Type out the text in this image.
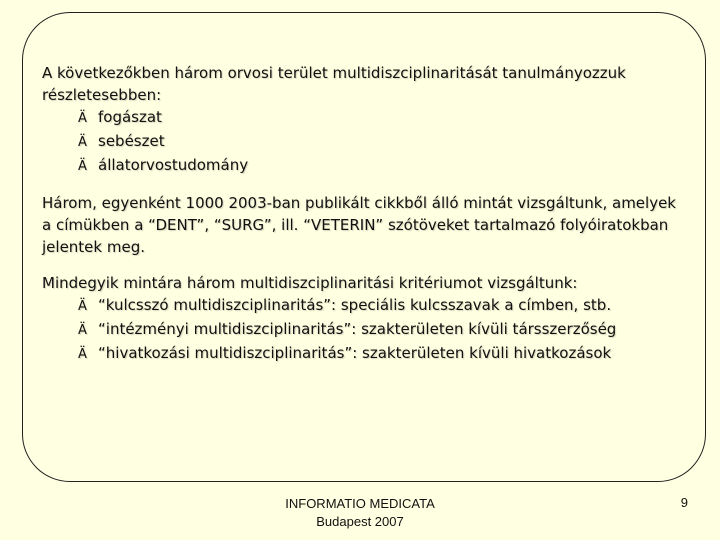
A következőkben három orvosi terület multidiszciplinaritását tanulmányozzuk részletesebben:

Ä fogászat
Ä sebészet
Ä állatorvostudomány

Három, egyenként 1000 2003-ban publikált cikkből álló mintát vizsgáltunk, amelyek a címükben a “DENT”, “SURG”, ill. “VETERIN” szótöveket tartalmazó folyóiratokban jelentek meg.

Mindegyik mintára három multidiszciplinaritási kritériumot vizsgáltunk:

Ä “kulcsszó multidiszciplinaritás”: speciális kulcsszavak a címben, stb.
Ä “intézményi multidiszciplinaritás”: szakterületen kívüli társszerzőség
Ä “hivatkozási multidiszciplinaritás”: szakterületen kívüli hivatkozások
INFORMATIO MEDICATA
Budapest 2007
9
